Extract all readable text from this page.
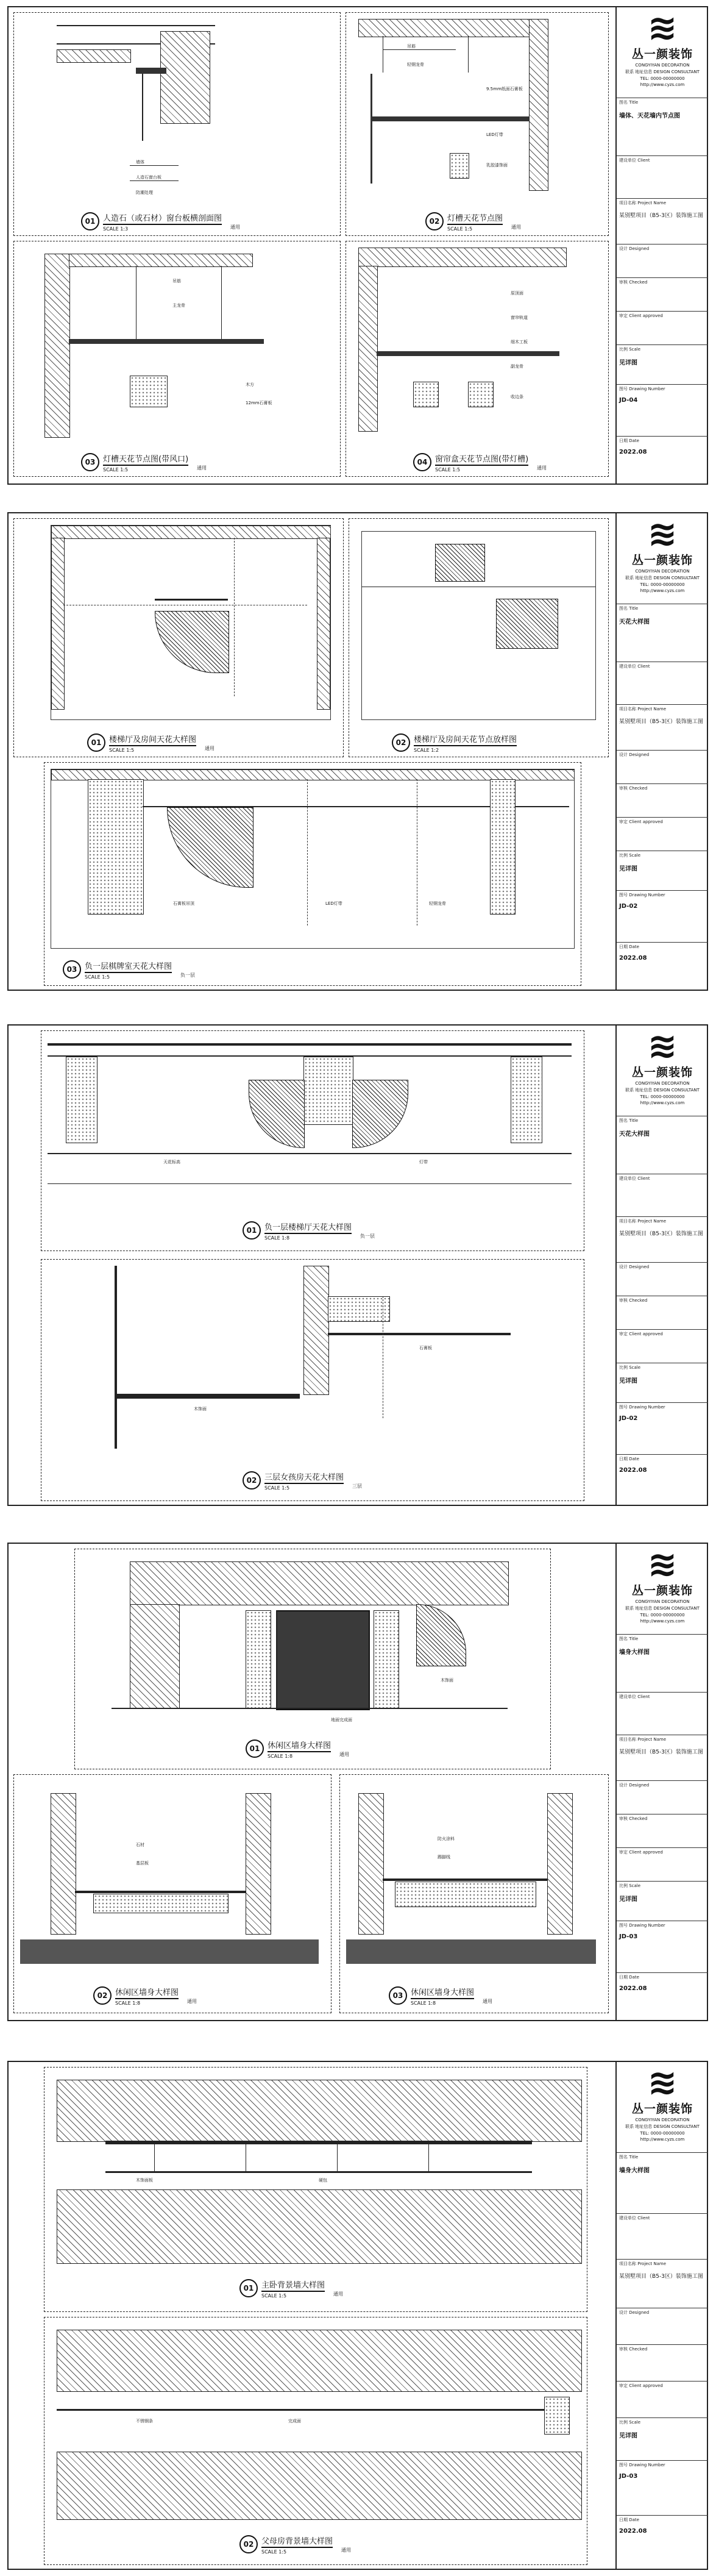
墙体
人造石窗台板
防潮处理
01 人造石（或石材）窗台板横剖面图
SCALE 1:3	通用
吊筋
轻钢龙骨
9.5mm纸面石膏板
LED灯带
乳胶漆饰面
02 灯槽天花节点图
SCALE 1:5	通用
吊筋
主龙骨
木方
12mm石膏板
03 灯槽天花节点图(带风口)
SCALE 1:5	通用
原顶面
窗帘轨道
细木工板
副龙骨
收边条
04 窗帘盒天花节点图(带灯槽)
SCALE 1:5	通用
≋
丛一颜装饰
CONGYIYAN DECORATION
联系 地址信息 DESIGN CONSULTANT
TEL: 0000-00000000
http://www.cyzs.com
图名 Title
墙体、天花墙内节点图
建设单位 Client
项目名称 Project Name
某别墅项目（B5-3区）装饰施工图
设计 Designed
审核 Checked
审定 Client approved
比例 Scale
见详图
图号 Drawing Number
JD-04
日期 Date
2022.08
01 楼梯厅及房间天花大样图
SCALE 1:5	通用
02 楼梯厅及房间天花节点放样图
SCALE 1:2
石膏板吊顶	LED灯带	轻钢龙骨
03 负一层棋牌室天花大样图
SCALE 1:5	负一层
≋
丛一颜装饰
CONGYIYAN DECORATION
联系 地址信息 DESIGN CONSULTANT
TEL: 0000-00000000
http://www.cyzs.com
图名 Title
天花大样图
建设单位 Client
项目名称 Project Name
某别墅项目（B5-3区）装饰施工图
设计 Designed
审核 Checked
审定 Client approved
比例 Scale
见详图
图号 Drawing Number
JD-02
日期 Date
2022.08
天花标高	灯带
01 负一层楼梯厅天花大样图
SCALE 1:8	负一层
石膏板
木饰面
02 三层女孩房天花大样图
SCALE 1:5	三层
≋
丛一颜装饰
CONGYIYAN DECORATION
联系 地址信息 DESIGN CONSULTANT
TEL: 0000-00000000
http://www.cyzs.com
图名 Title
天花大样图
建设单位 Client
项目名称 Project Name
某别墅项目（B5-3区）装饰施工图
设计 Designed
审核 Checked
审定 Client approved
比例 Scale
见详图
图号 Drawing Number
JD-02
日期 Date
2022.08
木饰面
地面完成面
01 休闲区墙身大样图
SCALE 1:8	通用
石材
基层板
02 休闲区墙身大样图
SCALE 1:8	通用
防火涂料
踢脚线
03 休闲区墙身大样图
SCALE 1:8	通用
≋
丛一颜装饰
CONGYIYAN DECORATION
联系 地址信息 DESIGN CONSULTANT
TEL: 0000-00000000
http://www.cyzs.com
图名 Title
墙身大样图
建设单位 Client
项目名称 Project Name
某别墅项目（B5-3区）装饰施工图
设计 Designed
审核 Checked
审定 Client approved
比例 Scale
见详图
图号 Drawing Number
JD-03
日期 Date
2022.08
木饰面板	硬包
01 主卧背景墙大样图
SCALE 1:5	通用
不锈钢条	完成面
02 父母房背景墙大样图
SCALE 1:5	通用
≋
丛一颜装饰
CONGYIYAN DECORATION
联系 地址信息 DESIGN CONSULTANT
TEL: 0000-00000000
http://www.cyzs.com
图名 Title
墙身大样图
建设单位 Client
项目名称 Project Name
某别墅项目（B5-3区）装饰施工图
设计 Designed
审核 Checked
审定 Client approved
比例 Scale
见详图
图号 Drawing Number
JD-03
日期 Date
2022.08
